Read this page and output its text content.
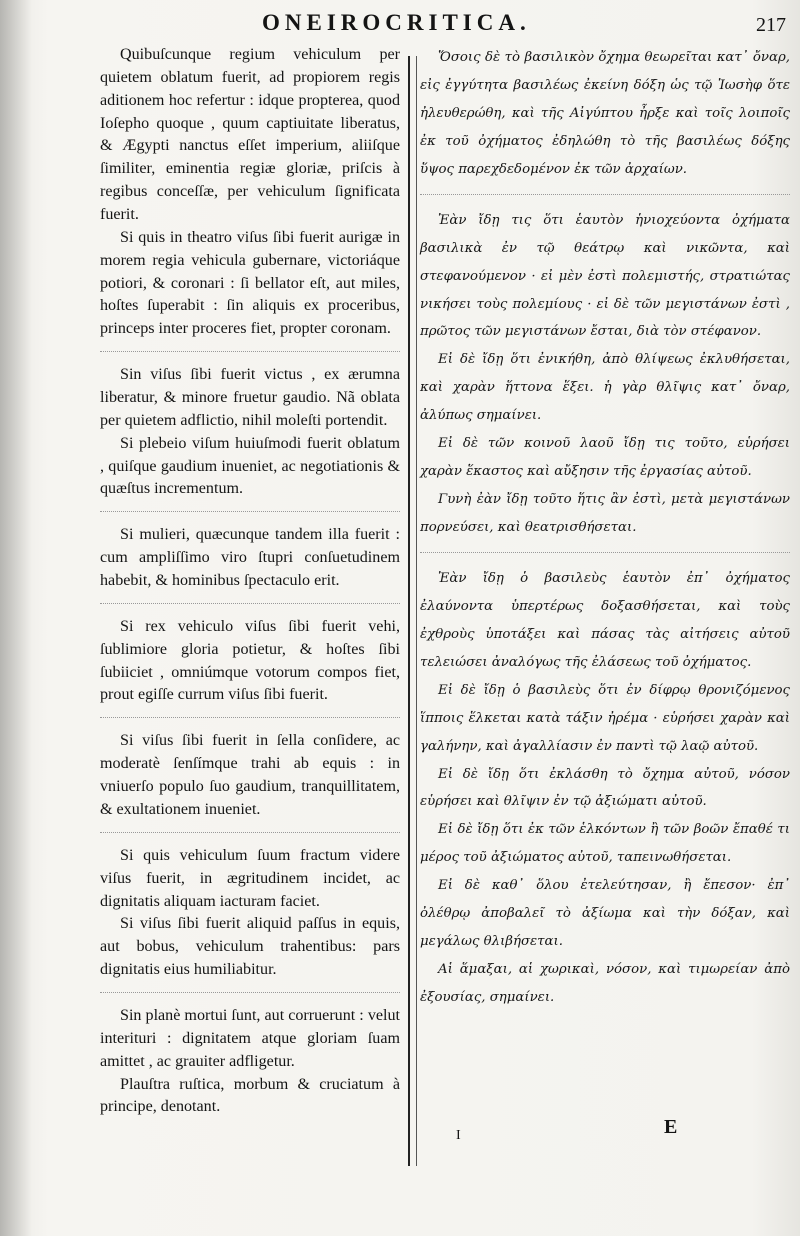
ONEIROCRITICA.	217

Quibuſcunque regium vehiculum per quietem oblatum fuerit, ad propiorem regis aditionem hoc refertur : idque propterea, quod Ioſepho quoque , quum captiuitate liberatus, & Ægypti nanctus eſſet imperium, aliiſque ſimiliter, eminentia regiæ gloriæ, priſcis à regibus conceſſæ, per vehiculum ſignificata fuerit.

Si quis in theatro viſus ſibi fuerit aurigæ in morem regia vehicula gubernare, victoriáque potiori, & coronari : ſi bellator eſt, aut miles, hoſtes ſuperabit : ſin aliquis ex proceribus, princeps inter proceres fiet, propter coronam.

Sin viſus ſibi fuerit victus , ex ærumna liberatur, & minore fruetur gaudio. Nã oblata per quietem adflictio, nihil moleſti portendit.

Si plebeio viſum huiuſmodi fuerit oblatum , quiſque gaudium inueniet, ac negotiationis & quæſtus incrementum.

Si mulieri, quæcunque tandem illa fuerit : cum ampliſſimo viro ſtupri conſuetudinem habebit, & hominibus ſpectaculo erit.

Si rex vehiculo viſus ſibi fuerit vehi, ſublimiore gloria potietur, & hoſtes ſibi ſubiiciet , omniúmque votorum compos fiet, prout egiſſe currum viſus ſibi fuerit.

Si viſus ſibi fuerit in ſella conſidere, ac moderatè ſenſímque trahi ab equis : in vniuerſo populo ſuo gaudium, tranquillitatem, & exultationem inueniet.

Si quis vehiculum ſuum fractum videre viſus fuerit, in ægritudinem incidet, ac dignitatis aliquam iacturam faciet.

Si viſus ſibi fuerit aliquid paſſus in equis, aut bobus, vehiculum trahentibus: pars dignitatis eius humiliabitur.

Sin planè mortui ſunt, aut corruerunt : velut interituri : dignitatem atque gloriam ſuam amittet , ac grauiter adfligetur.

Plauſtra ruſtica, morbum & cruciatum à principe, denotant.

Ὅσοις δὲ τὸ βασιλικὸν ὄχημα θεωρεῖται κατ᾽ ὄναρ, εἰς ἐγγύτητα βασιλέως ἐκείνη δόξη ὡς τῷ Ἰωσὴφ ὅτε ἠλευθερώθη, καὶ τῆς Αἰγύπτου ἦρξε καὶ τοῖς λοιποῖς ἐκ τοῦ ὀχήματος ἐδηλώθη τὸ τῆς βασιλέως δόξης ὕψος παρεχδεδομένον ἐκ τῶν ἀρχαίων.

Ἐὰν ἴδῃ τις ὅτι ἑαυτὸν ἡνιοχεύοντα ὀχήματα βασιλικὰ ἐν τῷ θεάτρῳ καὶ νικῶντα, καὶ στεφανούμενον · εἰ μὲν ἐστὶ πολεμιστής, στρατιώτας νικήσει τοὺς πολεμίους · εἰ δὲ τῶν μεγιστάνων ἐστὶ , πρῶτος τῶν μεγιστάνων ἔσται, διὰ τὸν στέφανον.

Εἰ δὲ ἴδῃ ὅτι ἐνικήθη, ἀπὸ θλίψεως ἐκλυθήσεται, καὶ χαρὰν ἥττονα ἕξει. ἡ γὰρ θλῖψις κατ᾽ ὄναρ, ἀλύπως σημαίνει.

Εἰ δὲ τῶν κοινοῦ λαοῦ ἴδῃ τις τοῦτο, εὑρήσει χαρὰν ἕκαστος καὶ αὔξησιν τῆς ἐργασίας αὐτοῦ.

Γυνὴ ἐὰν ἴδῃ τοῦτο ἥτις ἂν ἐστὶ, μετὰ μεγιστάνων πορνεύσει, καὶ θεατρισθήσεται.

Ἐὰν ἴδῃ ὁ βασιλεὺς ἑαυτὸν ἐπ᾽ ὀχήματος ἐλαύνοντα ὑπερτέρως δοξασθήσεται, καὶ τοὺς ἐχθροὺς ὑποτάξει καὶ πάσας τὰς αἰτήσεις αὐτοῦ τελειώσει ἀναλόγως τῆς ἐλάσεως τοῦ ὀχήματος.

Εἰ δὲ ἴδῃ ὁ βασιλεὺς ὅτι ἐν δίφρῳ θρονιζόμενος ἵπποις ἕλκεται κατὰ τάξιν ἠρέμα · εὑρήσει χαρὰν καὶ γαλήνην, καὶ ἀγαλλίασιν ἐν παντὶ τῷ λαῷ αὐτοῦ.

Εἰ δὲ ἴδῃ ὅτι ἐκλάσθη τὸ ὄχημα αὐτοῦ, νόσον εὑρήσει καὶ θλῖψιν ἐν τῷ ἀξιώματι αὐτοῦ.

Εἰ δὲ ἴδῃ ὅτι ἐκ τῶν ἑλκόντων ἢ τῶν βοῶν ἔπαθέ τι μέρος τοῦ ἀξιώματος αὐτοῦ, ταπεινωθήσεται.

Εἰ δὲ καθ᾽ ὅλου ἐτελεύτησαν, ἢ ἔπεσον· ἐπ᾽ ὀλέθρῳ ἀποβαλεῖ τὸ ἀξίωμα καὶ τὴν δόξαν, καὶ μεγάλως θλιβήσεται.

Αἱ ἅμαξαι, αἱ χωρικαὶ, νόσον, καὶ τιμωρείαν ἀπὸ ἐξουσίας, σημαίνει.

I	E
